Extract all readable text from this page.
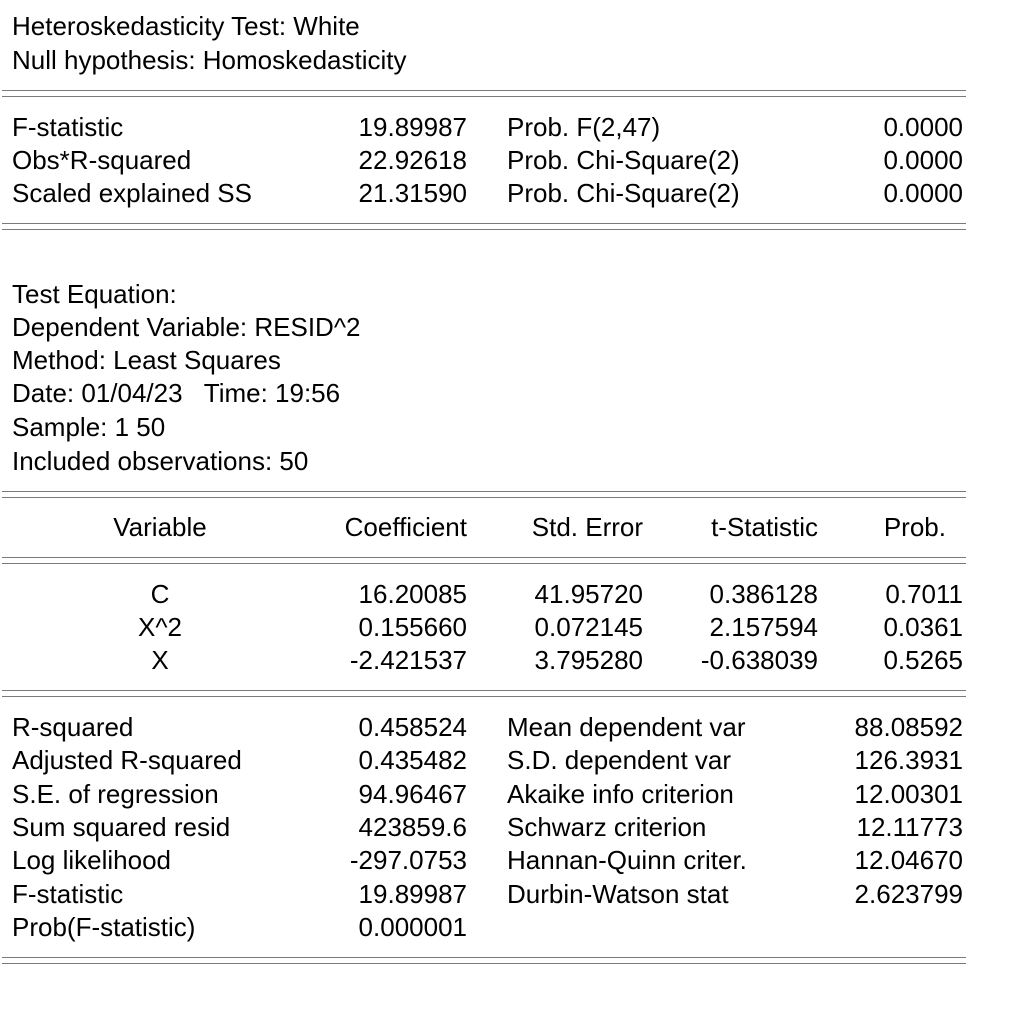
Heteroskedasticity Test: White
Null hypothesis: Homoskedasticity
F-statistic	19.89987 Prob. F(2,47)	0.0000
Obs*R-squared	22.92618 Prob. Chi-Square(2)	0.0000
Scaled explained SS	21.31590 Prob. Chi-Square(2)	0.0000
Test Equation:
Dependent Variable: RESID^2
Method: Least Squares
Date: 01/04/23   Time: 19:56
Sample: 1 50
Included observations: 50
Variable	Coefficient Std. Error	t-Statistic	Prob.
C	16.20085	41.95720	0.386128	0.7011
X^2	0.155660	0.072145	2.157594	0.0361
X	-2.421537	3.795280 -0.638039	0.5265
R-squared	0.458524 Mean dependent var	88.08592
Adjusted R-squared	0.435482 S.D. dependent var	126.3931
S.E. of regression	94.96467 Akaike info criterion	12.00301
Sum squared resid	423859.6 Schwarz criterion	12.11773
Log likelihood	-297.0753 Hannan-Quinn criter.	12.04670
F-statistic	19.89987 Durbin-Watson stat	2.623799
Prob(F-statistic)	0.000001
